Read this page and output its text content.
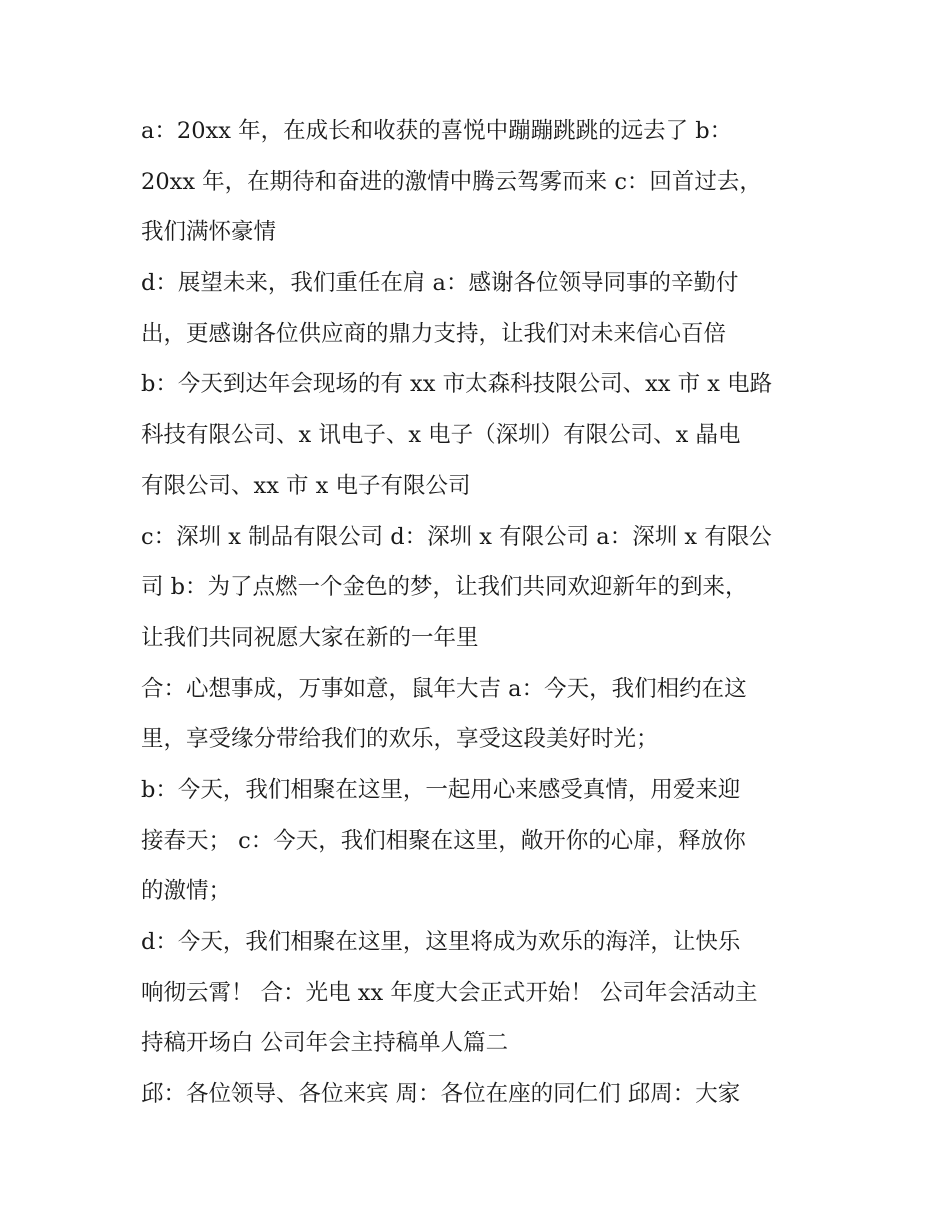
a：20xx 年，在成长和收获的喜悦中蹦蹦跳跳的远去了 b：
20xx 年，在期待和奋进的激情中腾云驾雾而来 c：回首过去，
我们满怀豪情
d：展望未来，我们重任在肩 a：感谢各位领导同事的辛勤付
出，更感谢各位供应商的鼎力支持，让我们对未来信心百倍
b：今天到达年会现场的有 xx 市太森科技限公司、xx 市 x 电路
科技有限公司、x 讯电子、x 电子（深圳）有限公司、x 晶电
有限公司、xx 市 x 电子有限公司
c：深圳 x 制品有限公司 d：深圳 x 有限公司 a：深圳 x 有限公
司 b：为了点燃一个金色的梦，让我们共同欢迎新年的到来，
让我们共同祝愿大家在新的一年里
合：心想事成，万事如意，鼠年大吉 a：今天，我们相约在这
里，享受缘分带给我们的欢乐，享受这段美好时光；
b：今天，我们相聚在这里，一起用心来感受真情，用爱来迎
接春天； c：今天，我们相聚在这里，敞开你的心扉，释放你
的激情；
d：今天，我们相聚在这里，这里将成为欢乐的海洋，让快乐
响彻云霄！ 合：光电 xx 年度大会正式开始！ 公司年会活动主
持稿开场白 公司年会主持稿单人篇二
邱：各位领导、各位来宾 周：各位在座的同仁们 邱周：大家
